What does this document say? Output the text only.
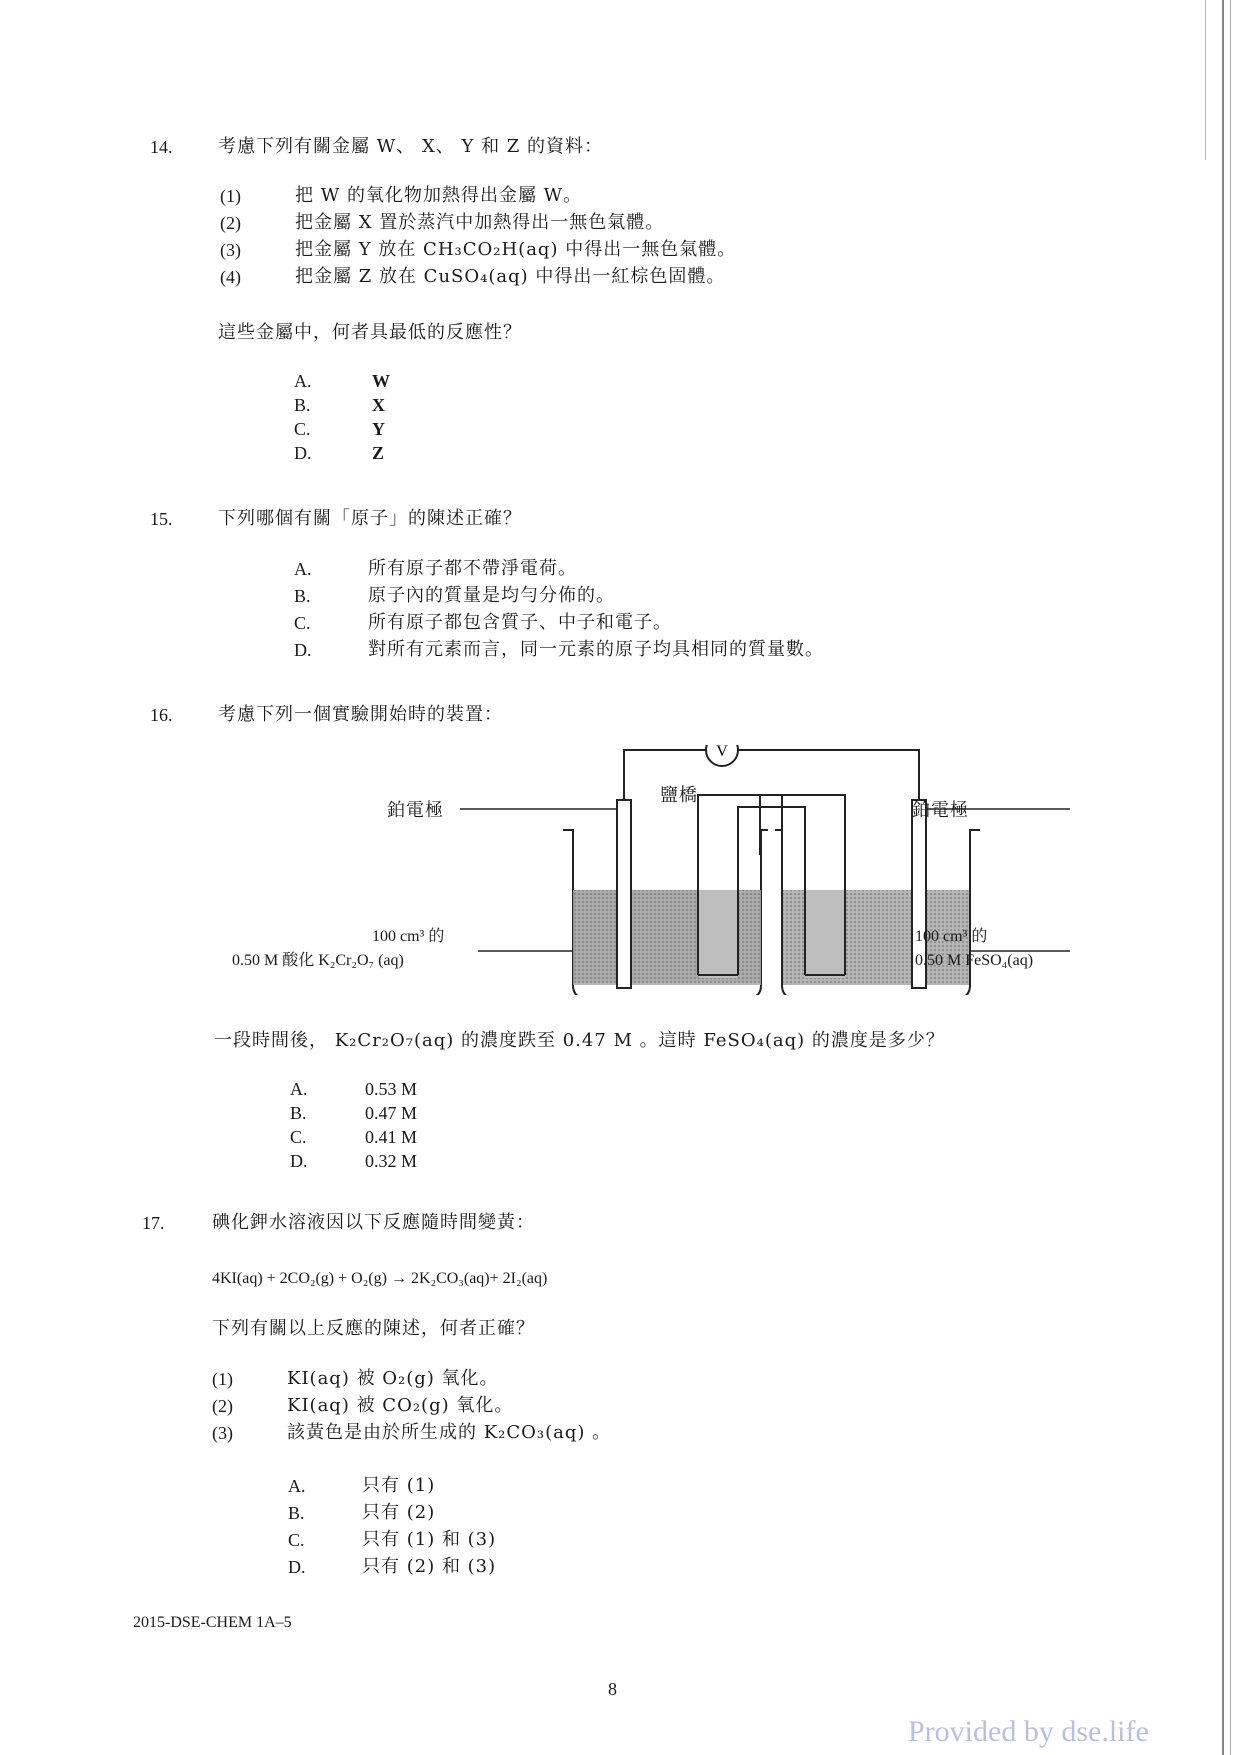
14.	考慮下列有關金屬 W、 X、 Y 和 Z 的資料：
(1)	把 W 的氧化物加熱得出金屬 W。
(2)	把金屬 X 置於蒸汽中加熱得出一無色氣體。
(3)	把金屬 Y 放在 CH₃CO₂H(aq) 中得出一無色氣體。
(4)	把金屬 Z 放在 CuSO₄(aq) 中得出一紅棕色固體。
這些金屬中，何者具最低的反應性？
A.	W
B.	X
C.	Y
D.	Z
15.	下列哪個有關「原子」的陳述正確？
A.	所有原子都不帶淨電荷。
B.	原子內的質量是均勻分佈的。
C.	所有原子都包含質子、中子和電子。
D.	對所有元素而言，同一元素的原子均具相同的質量數。
16.	考慮下列一個實驗開始時的裝置：
V
鉑電極
鹽橋
鉑電極
100 cm³ 的
0.50 M 酸化 K₂Cr₂O₇ (aq)
100 cm³ 的
0.50 M FeSO₄(aq)
一段時間後， K₂Cr₂O₇(aq) 的濃度跌至 0.47 M 。這時 FeSO₄(aq) 的濃度是多少？
A.	0.53 M
B.	0.47 M
C.	0.41 M
D.	0.32 M
17.	碘化鉀水溶液因以下反應隨時間變黃：
4KI(aq) + 2CO₂(g) + O₂(g) → 2K₂CO₃(aq)+ 2I₂(aq)
下列有關以上反應的陳述，何者正確？
(1)	KI(aq) 被 O₂(g) 氧化。
(2)	KI(aq) 被 CO₂(g) 氧化。
(3)	該黃色是由於所生成的 K₂CO₃(aq) 。
A.	只有 (1)
B.	只有 (2)
C.	只有 (1) 和 (3)
D.	只有 (2) 和 (3)
2015-DSE-CHEM 1A–5
8
Provided by dse.life
